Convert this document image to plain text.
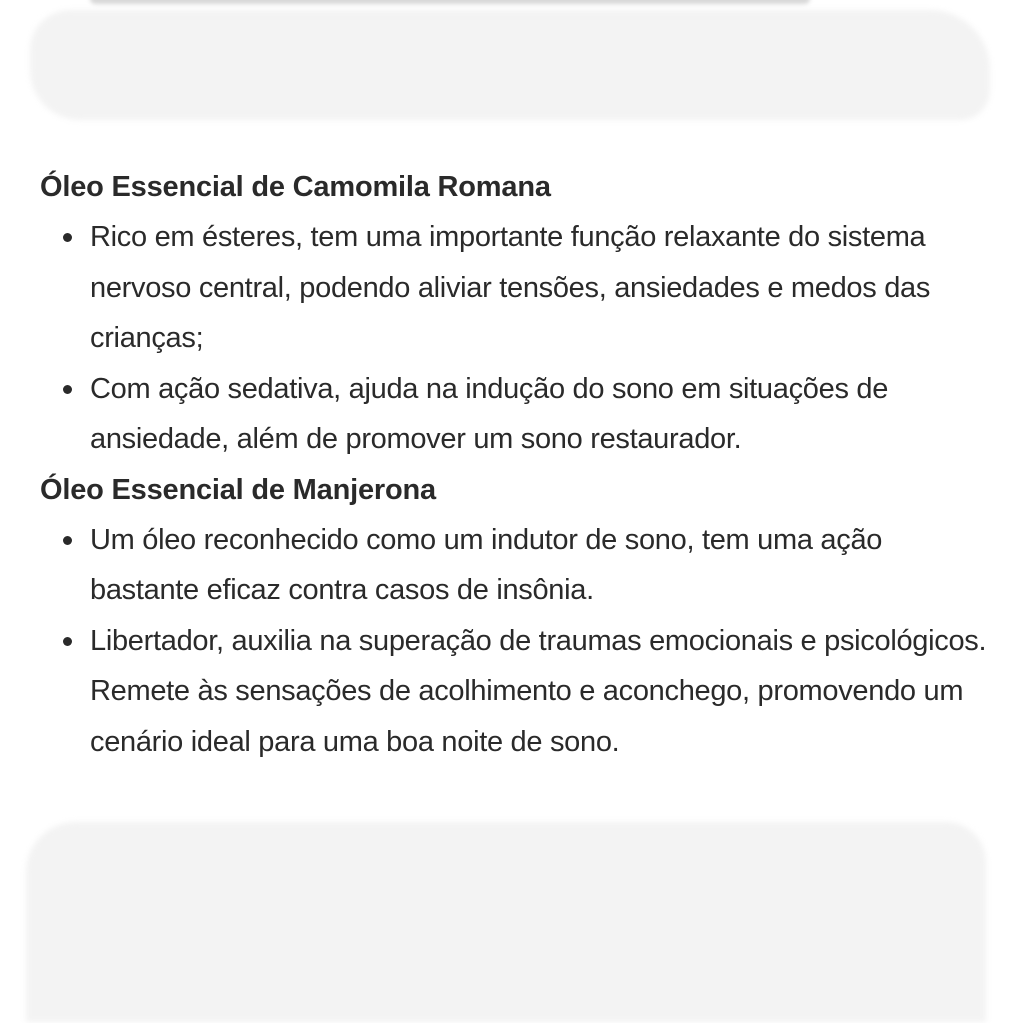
Óleo Essencial de Camomila Romana
Rico em ésteres, tem uma importante função relaxante do sistema nervoso central, podendo aliviar tensões, ansiedades e medos das crianças;
Com ação sedativa, ajuda na indução do sono em situações de ansiedade, além de promover um sono restaurador.
Óleo Essencial de Manjerona
Um óleo reconhecido como um indutor de sono, tem uma ação bastante eficaz contra casos de insônia.
Libertador, auxilia na superação de traumas emocionais e psicológicos. Remete às sensações de acolhimento e aconchego, promovendo um cenário ideal para uma boa noite de sono.
